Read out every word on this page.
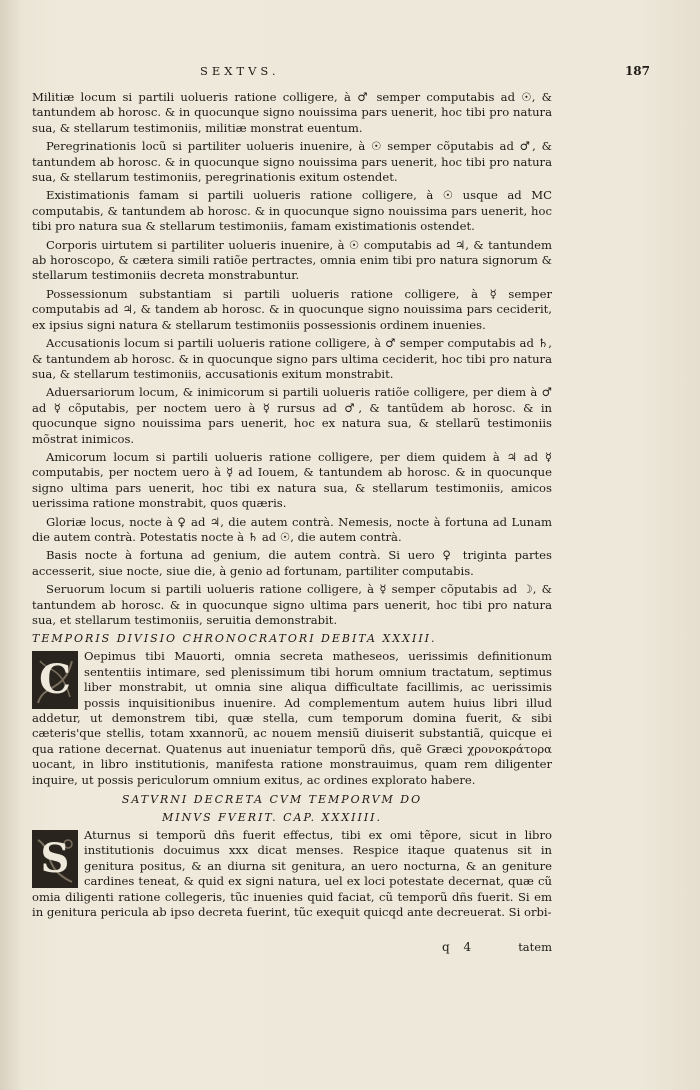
SEXTVS.	187

Militiæ locum si partili uolueris ratione colligere, à ♂ semper computabis ad ☉, & tantundem ab horosc. & in quocunque signo nouissima pars uenerit, hoc tibi pro natura sua, & stellarum testimoniis, militiæ monstrat euentum.

Peregrinationis locũ si partiliter uolueris inuenire, à ☉ semper cõputabis ad ♂, & tantundem ab horosc. & in quocunque signo nouissima pars uenerit, hoc tibi pro natura sua, & stellarum testimoniis, peregrinationis exitum ostendet.

Existimationis famam si partili uolueris ratione colligere, à ☉ usque ad MC computabis, & tantundem ab horosc. & in quocunque signo nouissima pars uenerit, hoc tibi pro natura sua & stellarum testimoniis, famam existimationis ostendet.

Corporis uirtutem si partiliter uolueris inuenire, à ☉ computabis ad ♃, & tantundem ab horoscopo, & cætera simili ratiõe pertractes, omnia enim tibi pro natura signorum & stellarum testimoniis decreta monstrabuntur.

Possessionum substantiam si partili uolueris ratione colligere, à ☿ semper computabis ad ♃, & tandem ab horosc. & in quocunque signo nouissima pars ceciderit, ex ipsius signi natura & stellarum testimoniis possessionis ordinem inuenies.

Accusationis locum si partili uolueris ratione colligere, à ♂ semper computabis ad ♄, & tantundem ab horosc. & in quocunque signo pars ultima ceciderit, hoc tibi pro natura sua, & stellarum testimoniis, accusationis exitum monstrabit.

Aduersariorum locum, & inimicorum si partili uolueris ratiõe colligere, per diem à ♂ ad ☿ cõputabis, per noctem uero à ☿ rursus ad ♂, & tantũdem ab horosc. & in quocunque signo nouissima pars uenerit, hoc ex natura sua, & stellarũ testimoniis mõstrat inimicos.

Amicorum locum si partili uolueris ratione colligere, per diem quidem à ♃ ad ☿ computabis, per noctem uero à ☿ ad Iouem, & tantundem ab horosc. & in quocunque signo ultima pars uenerit, hoc tibi ex natura sua, & stellarum testimoniis, amicos uerissima ratione monstrabit, quos quæris.

Gloriæ locus, nocte à ♀ ad ♃, die autem contrà. Nemesis, nocte à fortuna ad Lunam die autem contrà. Potestatis nocte à ♄ ad ☉, die autem contrà.

Basis nocte à fortuna ad genium, die autem contrà. Si uero ♀ triginta partes accesserit, siue nocte, siue die, à genio ad fortunam, partiliter computabis.

Seruorum locum si partili uolueris ratione colligere, à ☿ semper cõputabis ad ☽, & tantundem ab horosc. & in quocunque signo ultima pars uenerit, hoc tibi pro natura sua, et stellarum testimoniis, seruitia demonstrabit.

TEMPORIS DIVISIO CHRONOCRATORI DEBITA XXXIII.
C	Oepimus tibi Mauorti, omnia secreta matheseos, uerissimis definitionum sententiis intimare, sed plenissimum tibi horum omnium tractatum, septimus liber monstrabit, ut omnia sine aliqua difficultate facillimis, ac uerissimis possis inquisitionibus inuenire. Ad complementum autem huius libri illud addetur, ut demonstrem tibi, quæ stella, cum temporum domina fuerit, & sibi cæteris'que stellis, totam xxannorũ, ac nouem mensiũ diuiserit substantiã, quicque ei qua ratione decernat. Quatenus aut inueniatur temporũ dñs, quẽ Græci χρονοκράτορα uocant, in libro institutionis, manifesta ratione monstrauimus, quam rem diligenter inquire, ut possis periculorum omnium exitus, ac ordines explorato habere.

SATVRNI DECRETA CVM TEMPORVM DO
MINVS FVERIT. CAP. XXXIIII.
S	Aturnus si temporũ dñs fuerit effectus, tibi ex omi tẽpore, sicut in libro institutionis docuimus xxx dicat menses. Respice itaque quatenus sit in genitura positus, & an diurna sit genitura, an uero nocturna, & an geniture cardines teneat, & quid ex signi natura, uel ex loci potestate decernat, quæ cũ omia diligenti ratione collegeris, tũc inuenies quid faciat, cũ temporũ dñs fuerit. Si em in genitura pericula ab ipso decreta fuerint, tũc exequit quicqd ante decreuerat. Si orbi-

q 4	tatem
